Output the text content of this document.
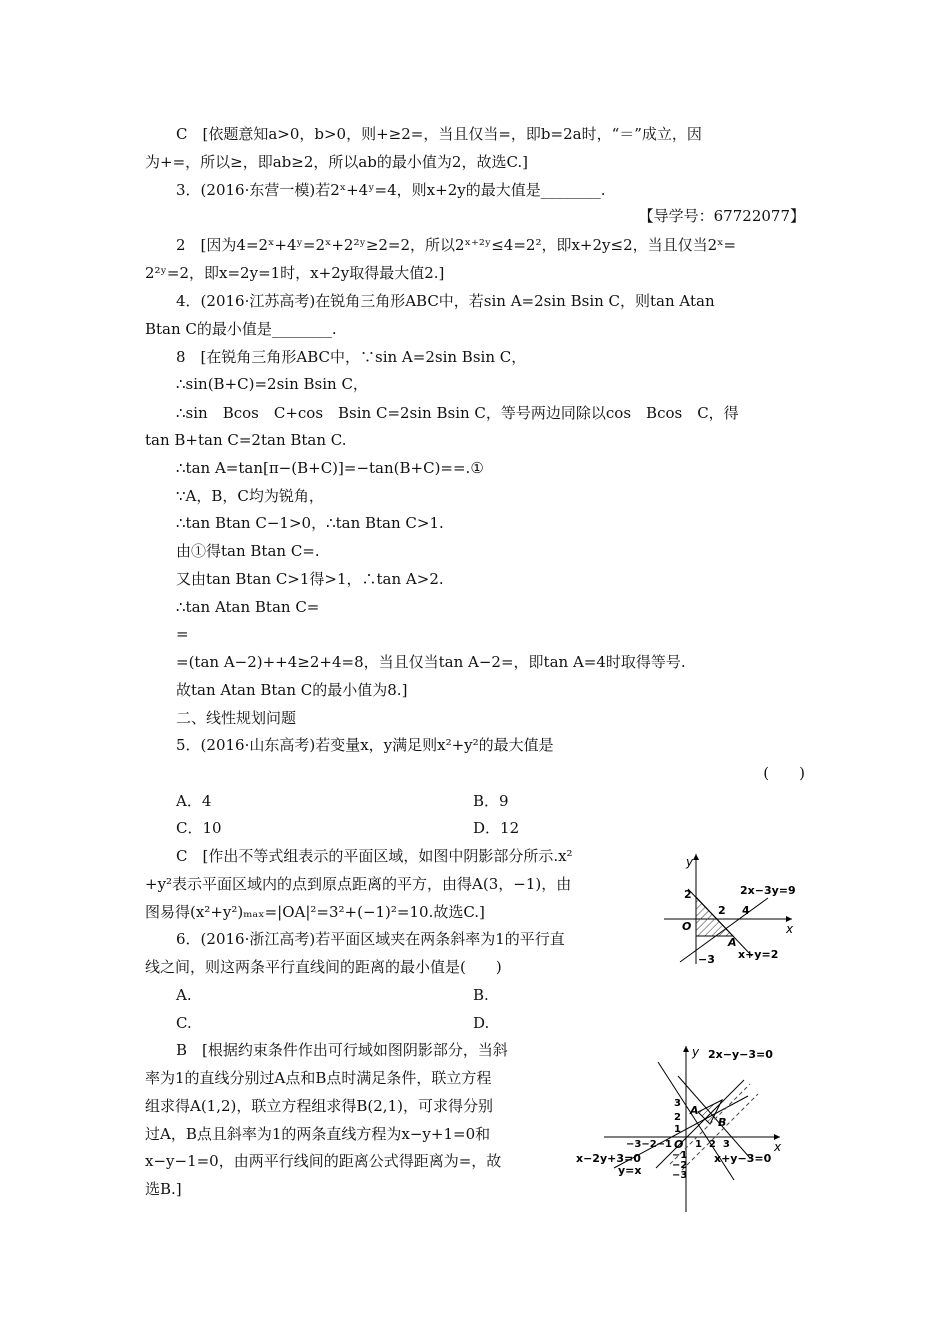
C　[依题意知a>0，b>0，则+≥2=，当且仅当=，即b=2a时，“＝”成立，因
为+=，所以≥，即ab≥2，所以ab的最小值为2，故选C.]
3．(2016·东营一模)若2ˣ+4ʸ=4，则x+2y的最大值是________.
【导学号：67722077】
2　[因为4=2ˣ+4ʸ=2ˣ+2²ʸ≥2=2，所以2ˣ⁺²ʸ≤4=2²，即x+2y≤2，当且仅当2ˣ=
2²ʸ=2，即x=2y=1时，x+2y取得最大值2.]
4．(2016·江苏高考)在锐角三角形ABC中，若sin A=2sin Bsin C，则tan Atan
Btan C的最小值是________.
8　[在锐角三角形ABC中，∵sin A=2sin Bsin C，
∴sin(B+C)=2sin Bsin C，
∴sin　Bcos　C+cos　Bsin C=2sin Bsin C，等号两边同除以cos　Bcos　C，得
tan B+tan C=2tan Btan C.
∴tan A=tan[π−(B+C)]=−tan(B+C)==.①
∵A，B，C均为锐角，
∴tan Btan C−1>0，∴tan Btan C>1.
由①得tan Btan C=.
又由tan Btan C>1得>1，∴tan A>2.
∴tan Atan Btan C=
=
=(tan A−2)++4≥2+4=8，当且仅当tan A−2=，即tan A=4时取得等号.
故tan Atan Btan C的最小值为8.]
二、线性规划问题
5．(2016·山东高考)若变量x，y满足则x²+y²的最大值是
(　　)
A．4	B．9
C．10	D．12
C　[作出不等式组表示的平面区域，如图中阴影部分所示.x²
+y²表示平面区域内的点到原点距离的平方，由得A(3，−1)，由
图易得(x²+y²)ₘₐₓ=|OA|²=3²+(−1)²=10.故选C.]
6．(2016·浙江高考)若平面区域夹在两条斜率为1的平行直
线之间，则这两条平行直线间的距离的最小值是(　　)
A.	B.
C.	D.
B　[根据约束条件作出可行域如图阴影部分，当斜
率为1的直线分别过A点和B点时满足条件，联立方程
组求得A(1,2)，联立方程组求得B(2,1)，可求得分别
过A，B点且斜率为1的两条直线方程为x−y+1=0和
x−y−1=0，由两平行线间的距离公式得距离为=，故
选B.]
y
x
O
2
2 4
−3
A
2x−3y=9
x+y=2
y
x
O
A
B
3
2
1
−3−2−1 1  2  3
−1
−2
−3
2x−y−3=0
x−2y+3=0
y=x
x+y−3=0
